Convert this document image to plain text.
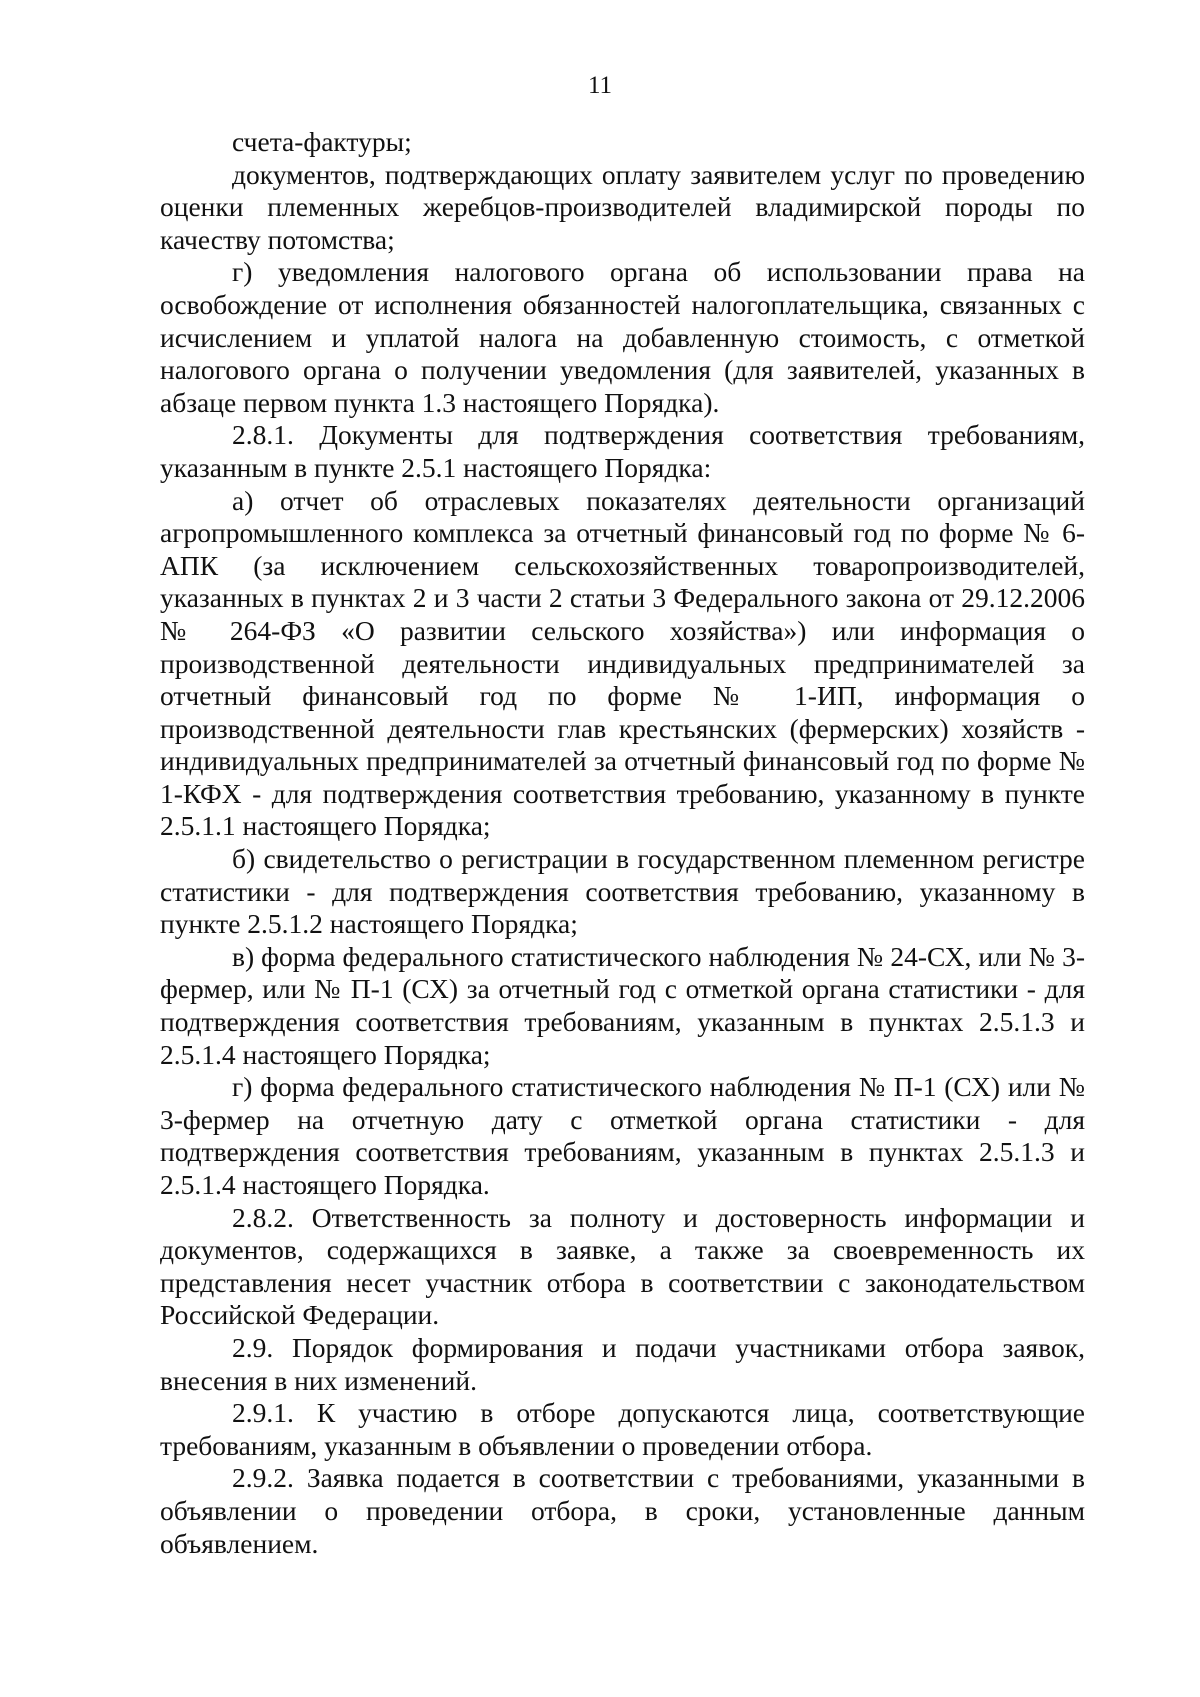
11

счета-фактуры;

документов, подтверждающих оплату заявителем услуг по проведению оценки племенных жеребцов-производителей владимирской породы по качеству потомства;

г) уведомления налогового органа об использовании права на освобождение от исполнения обязанностей налогоплательщика, связанных с исчислением и уплатой налога на добавленную стоимость, с отметкой налогового органа о получении уведомления (для заявителей, указанных в абзаце первом пункта 1.3 настоящего Порядка).

2.8.1. Документы для подтверждения соответствия требованиям, указанным в пункте 2.5.1 настоящего Порядка:

а) отчет об отраслевых показателях деятельности организаций агропромышленного комплекса за отчетный финансовый год по форме № 6-АПК (за исключением сельскохозяйственных товаропроизводителей, указанных в пунктах 2 и 3 части 2 статьи 3 Федерального закона от 29.12.2006 № 264-ФЗ «О развитии сельского хозяйства») или информация о производственной деятельности индивидуальных предпринимателей за отчетный финансовый год по форме № 1-ИП, информация о производственной деятельности глав крестьянских (фермерских) хозяйств - индивидуальных предпринимателей за отчетный финансовый год по форме № 1-КФХ - для подтверждения соответствия требованию, указанному в пункте 2.5.1.1 настоящего Порядка;

б) свидетельство о регистрации в государственном племенном регистре статистики - для подтверждения соответствия требованию, указанному в пункте 2.5.1.2 настоящего Порядка;

в) форма федерального статистического наблюдения № 24-СХ, или № 3-фермер, или № П-1 (СХ) за отчетный год с отметкой органа статистики - для подтверждения соответствия требованиям, указанным в пунктах 2.5.1.3 и 2.5.1.4 настоящего Порядка;

г) форма федерального статистического наблюдения № П-1 (СХ) или № 3-фермер на отчетную дату с отметкой органа статистики - для подтверждения соответствия требованиям, указанным в пунктах 2.5.1.3 и 2.5.1.4 настоящего Порядка.

2.8.2. Ответственность за полноту и достоверность информации и документов, содержащихся в заявке, а также за своевременность их представления несет участник отбора в соответствии с законодательством Российской Федерации.

2.9. Порядок формирования и подачи участниками отбора заявок, внесения в них изменений.

2.9.1. К участию в отборе допускаются лица, соответствующие требованиям, указанным в объявлении о проведении отбора.

2.9.2. Заявка подается в соответствии с требованиями, указанными в объявлении о проведении отбора, в сроки, установленные данным объявлением.
